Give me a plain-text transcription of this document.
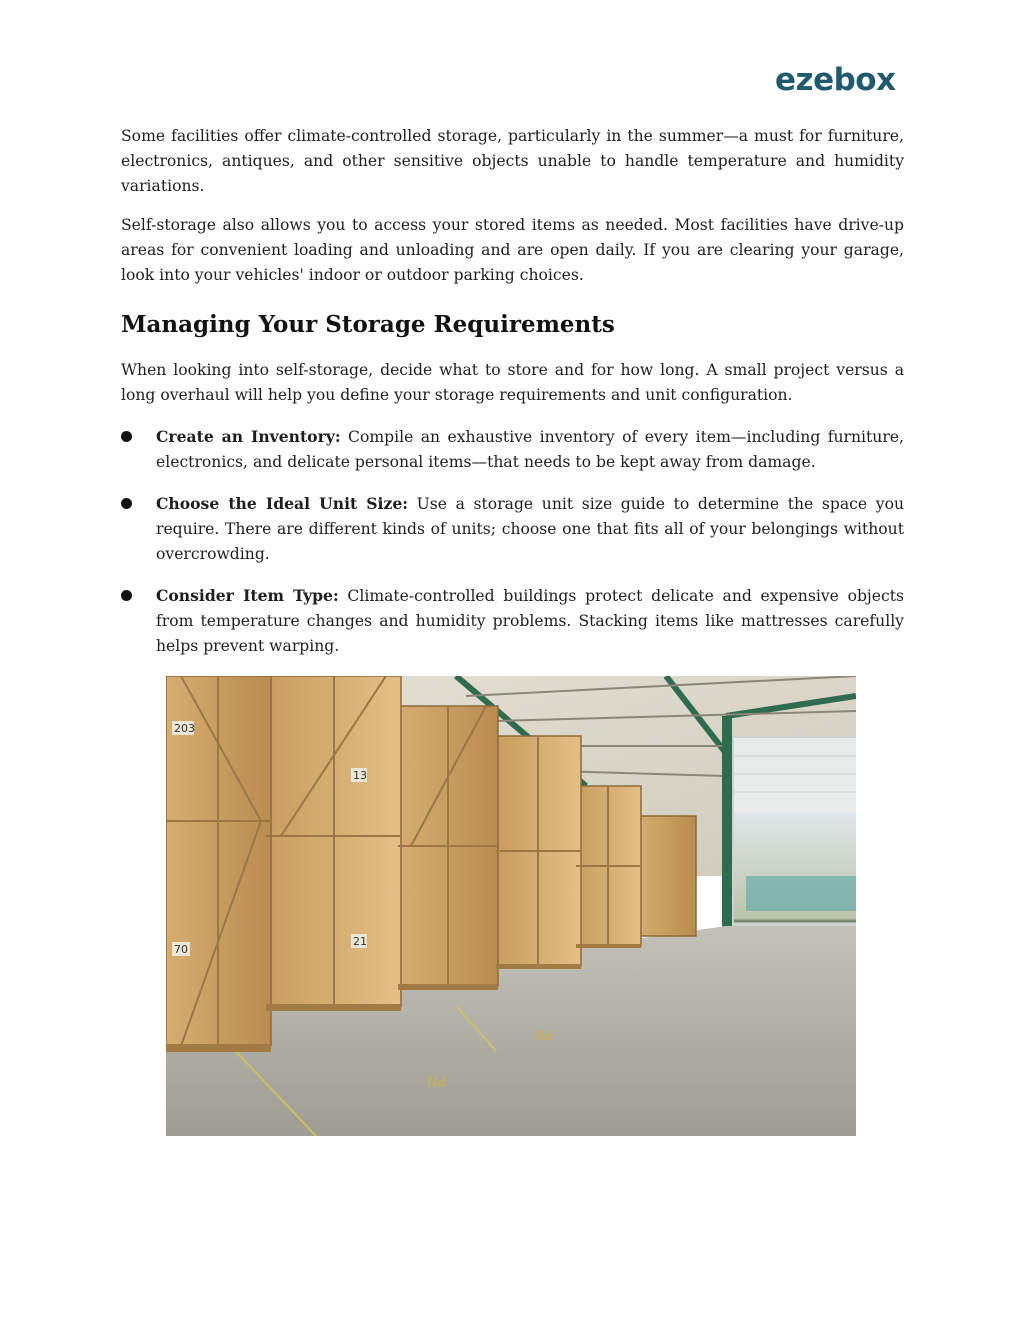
ezebox

Some facilities offer climate-controlled storage, particularly in the summer—a must for furniture, electronics, antiques, and other sensitive objects unable to handle temperature and humidity variations.

Self-storage also allows you to access your stored items as needed. Most facilities have drive-up areas for convenient loading and unloading and are open daily. If you are clearing your garage, look into your vehicles' indoor or outdoor parking choices.

Managing Your Storage Requirements

When looking into self-storage, decide what to store and for how long. A small project versus a long overhaul will help you define your storage requirements and unit configuration.

Create an Inventory: Compile an exhaustive inventory of every item—including furniture, electronics, and delicate personal items—that needs to be kept away from damage.
Choose the Ideal Unit Size: Use a storage unit size guide to determine the space you require. There are different kinds of units; choose one that fits all of your belongings without overcrowding.
Consider Item Type: Climate-controlled buildings protect delicate and expensive objects from temperature changes and humidity problems. Stacking items like mattresses carefully helps prevent warping.
PN
PN
203
70
13
21
